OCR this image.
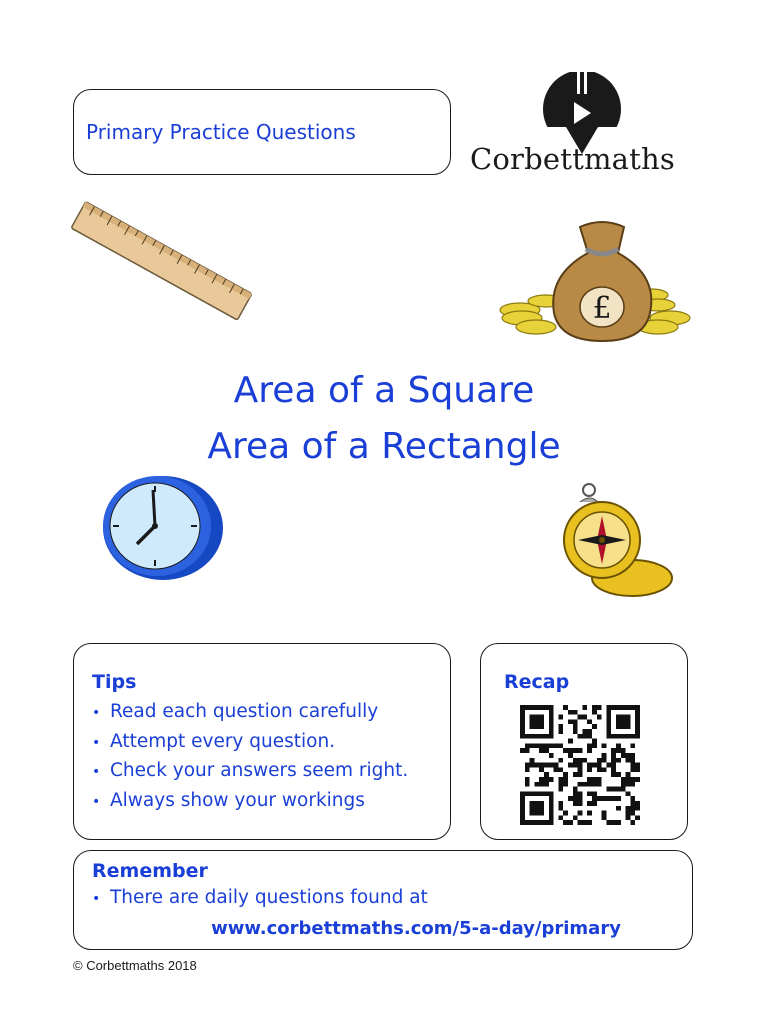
Primary Practice Questions
Corbettmaths
£
Area of a Square
Area of a Rectangle
Tips
• Read each question carefully
• Attempt every question.
• Check your answers seem right.
• Always show your workings
Recap
Remember
• There are daily questions found at
www.corbettmaths.com/5-a-day/primary
© Corbettmaths 2018
